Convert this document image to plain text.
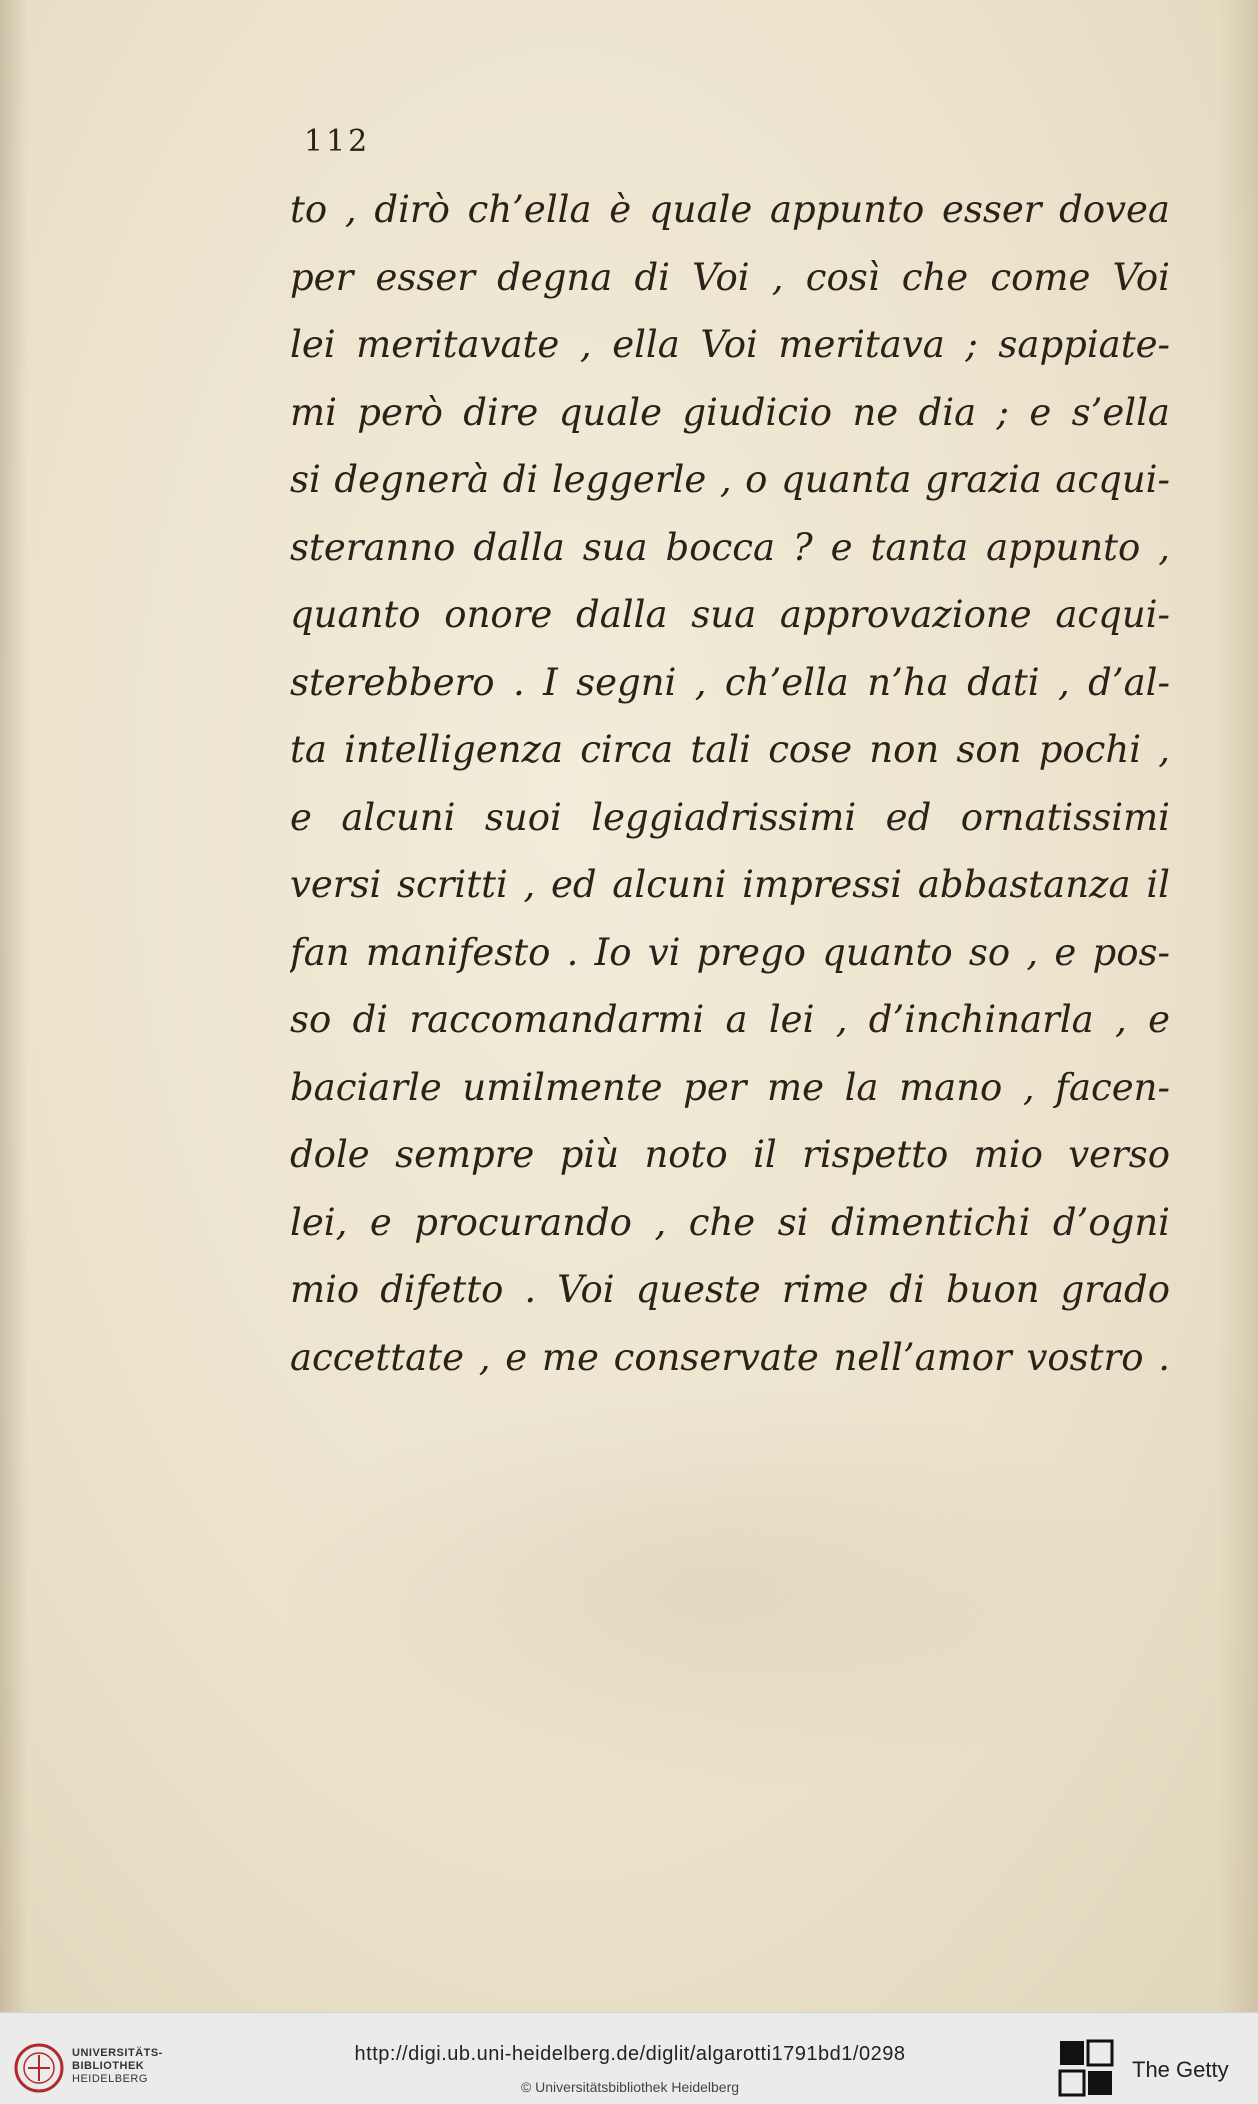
112
to , dirò ch’ella è quale appunto esser dovea
per esser degna di Voi , così che come Voi
lei meritavate , ella Voi meritava ; sappiate-
mi però dire quale giudicio ne dia ; e s’ella
si degnerà di leggerle , o quanta grazia acqui-
steranno dalla sua bocca ? e tanta appunto ,
quanto onore dalla sua approvazione acqui-
sterebbero . I segni , ch’ella n’ha dati , d’al-
ta intelligenza circa tali cose non son pochi ,
e alcuni suoi leggiadrissimi ed ornatissimi
versi scritti , ed alcuni impressi abbastanza il
fan manifesto . Io vi prego quanto so , e pos-
so di raccomandarmi a lei , d’inchinarla , e
baciarle umilmente per me la mano , facen-
dole sempre più noto il rispetto mio verso
lei, e procurando , che si dimentichi d’ogni
mio difetto . Voi queste rime di buon grado
accettate , e me conservate nell’amor vostro .
UNIVERSITÄTS-
BIBLIOTHEK
HEIDELBERG
http://digi.ub.uni-heidelberg.de/diglit/algarotti1791bd1/0298
© Universitätsbibliothek Heidelberg
The Getty
